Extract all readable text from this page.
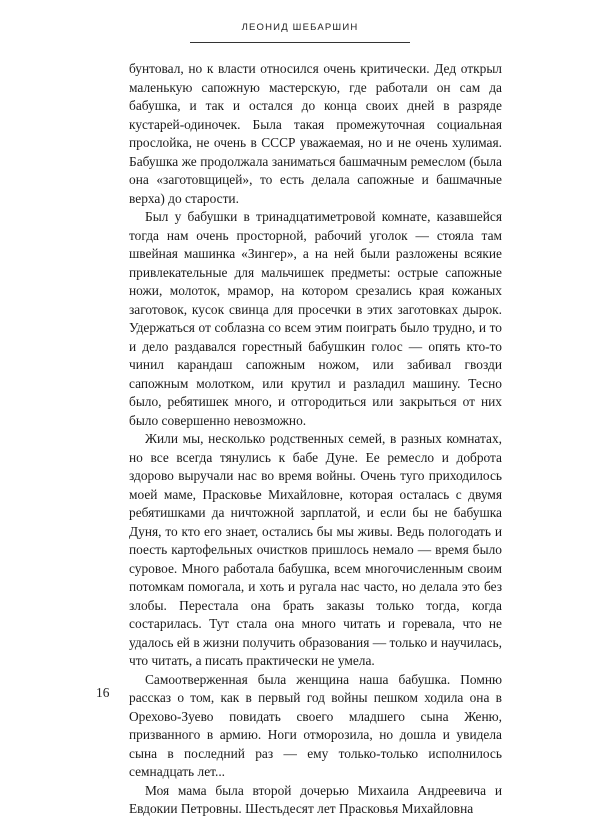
ЛЕОНИД ШЕБАРШИН

бунтовал, но к власти относился очень критически. Дед открыл маленькую сапожную мастерскую, где работали он сам да бабушка, и так и остался до конца своих дней в разряде кустарей-одиночек. Была такая промежуточная социальная прослойка, не очень в СССР уважаемая, но и не очень хулимая. Бабушка же продолжала заниматься башмачным ремеслом (была она «заготовщицей», то есть делала сапожные и башмачные верха) до старости.

Был у бабушки в тринадцатиметровой комнате, казавшейся тогда нам очень просторной, рабочий уголок — стояла там швейная машинка «Зингер», а на ней были разложены всякие привлекательные для мальчишек предметы: острые сапожные ножи, молоток, мрамор, на котором срезались края кожаных заготовок, кусок свинца для просечки в этих заготовках дырок. Удержаться от соблазна со всем этим поиграть было трудно, и то и дело раздавался горестный бабушкин голос — опять кто-то чинил карандаш сапожным ножом, или забивал гвозди сапожным молотком, или крутил и разладил машину. Тесно было, ребятишек много, и отгородиться или закрыться от них было совершенно невозможно.

Жили мы, несколько родственных семей, в разных комнатах, но все всегда тянулись к бабе Дуне. Ее ремесло и доброта здорово выручали нас во время войны. Очень туго приходилось моей маме, Прасковье Михайловне, которая осталась с двумя ребятишками да ничтожной зарплатой, и если бы не бабушка Дуня, то кто его знает, остались бы мы живы. Ведь пологодать и поесть картофельных очистков пришлось немало — время было суровое. Много работала бабушка, всем многочисленным своим потомкам помогала, и хоть и ругала нас часто, но делала это без злобы. Перестала она брать заказы только тогда, когда состарилась. Тут стала она много читать и горевала, что не удалось ей в жизни получить образования — только и научилась, что читать, а писать практически не умела.

Самоотверженная была женщина наша бабушка. Помню рассказ о том, как в первый год войны пешком ходила она в Орехово-Зуево повидать своего младшего сына Женю, призванного в армию. Ноги отморозила, но дошла и увидела сына в последний раз — ему только-только исполнилось семнадцать лет...

Моя мама была второй дочерью Михаила Андреевича и Евдокии Петровны. Шестьдесят лет Прасковья Михайловна

16
